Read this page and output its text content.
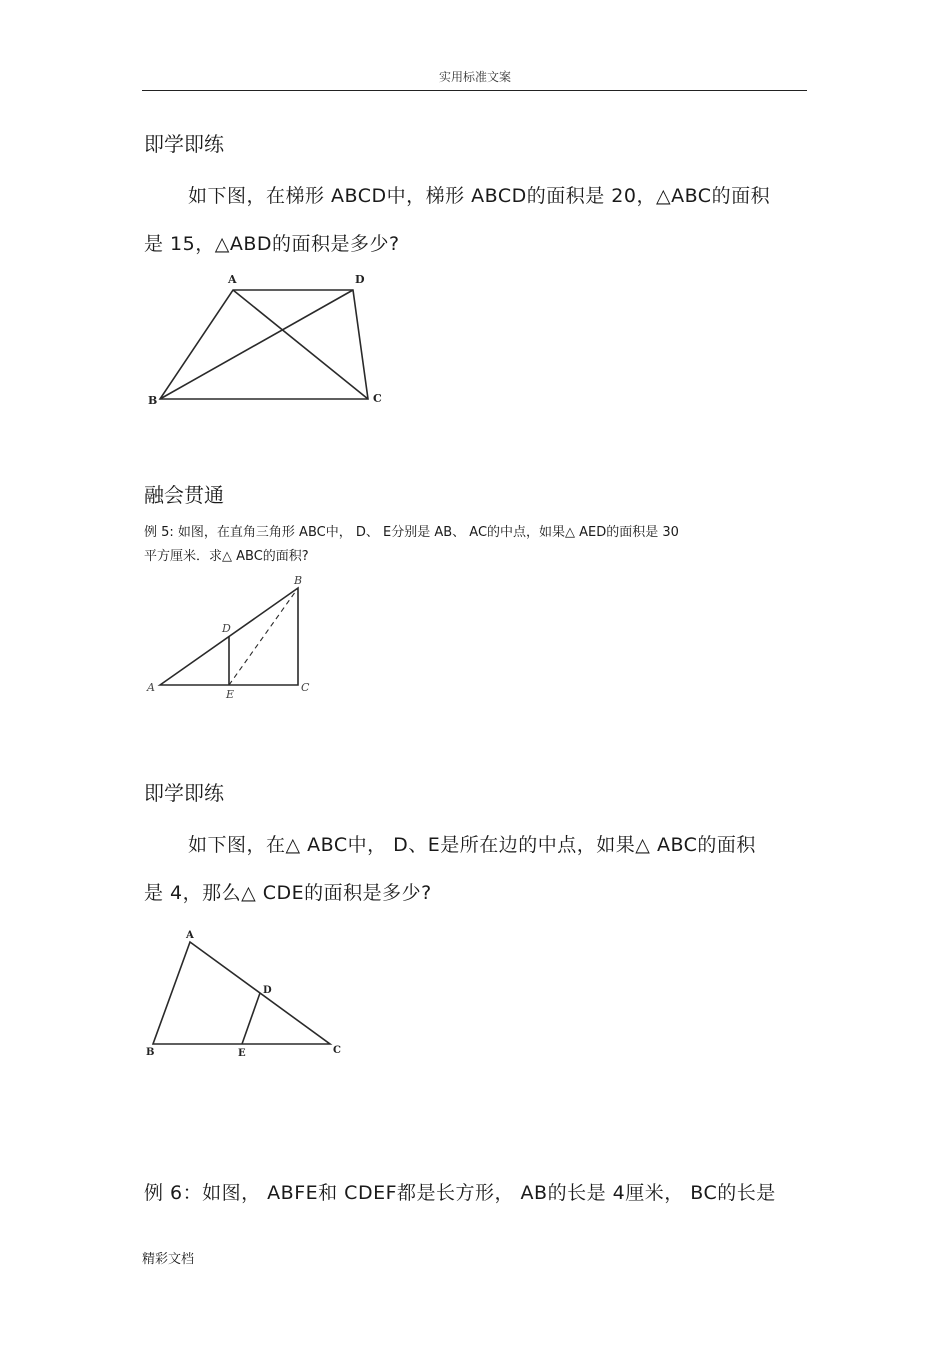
实用标准文案
即学即练
如下图，在梯形 ABCD中，梯形 ABCD的面积是 20，△ABC的面积
是 15，△ABD的面积是多少?
A	D
B	C
融会贯通
例 5: 如图，在直角三角形 ABC中， D、 E分别是 AB、 AC的中点，如果△ AED的面积是 30
平方厘米．求△ ABC的面积?
A
B
C
D
E
即学即练
如下图，在△ ABC中， D、E是所在边的中点，如果△ ABC的面积
是 4，那么△ CDE的面积是多少?
A
B	C
D
E
例 6：如图， ABFE和 CDEF都是长方形， AB的长是 4厘米， BC的长是
精彩文档
